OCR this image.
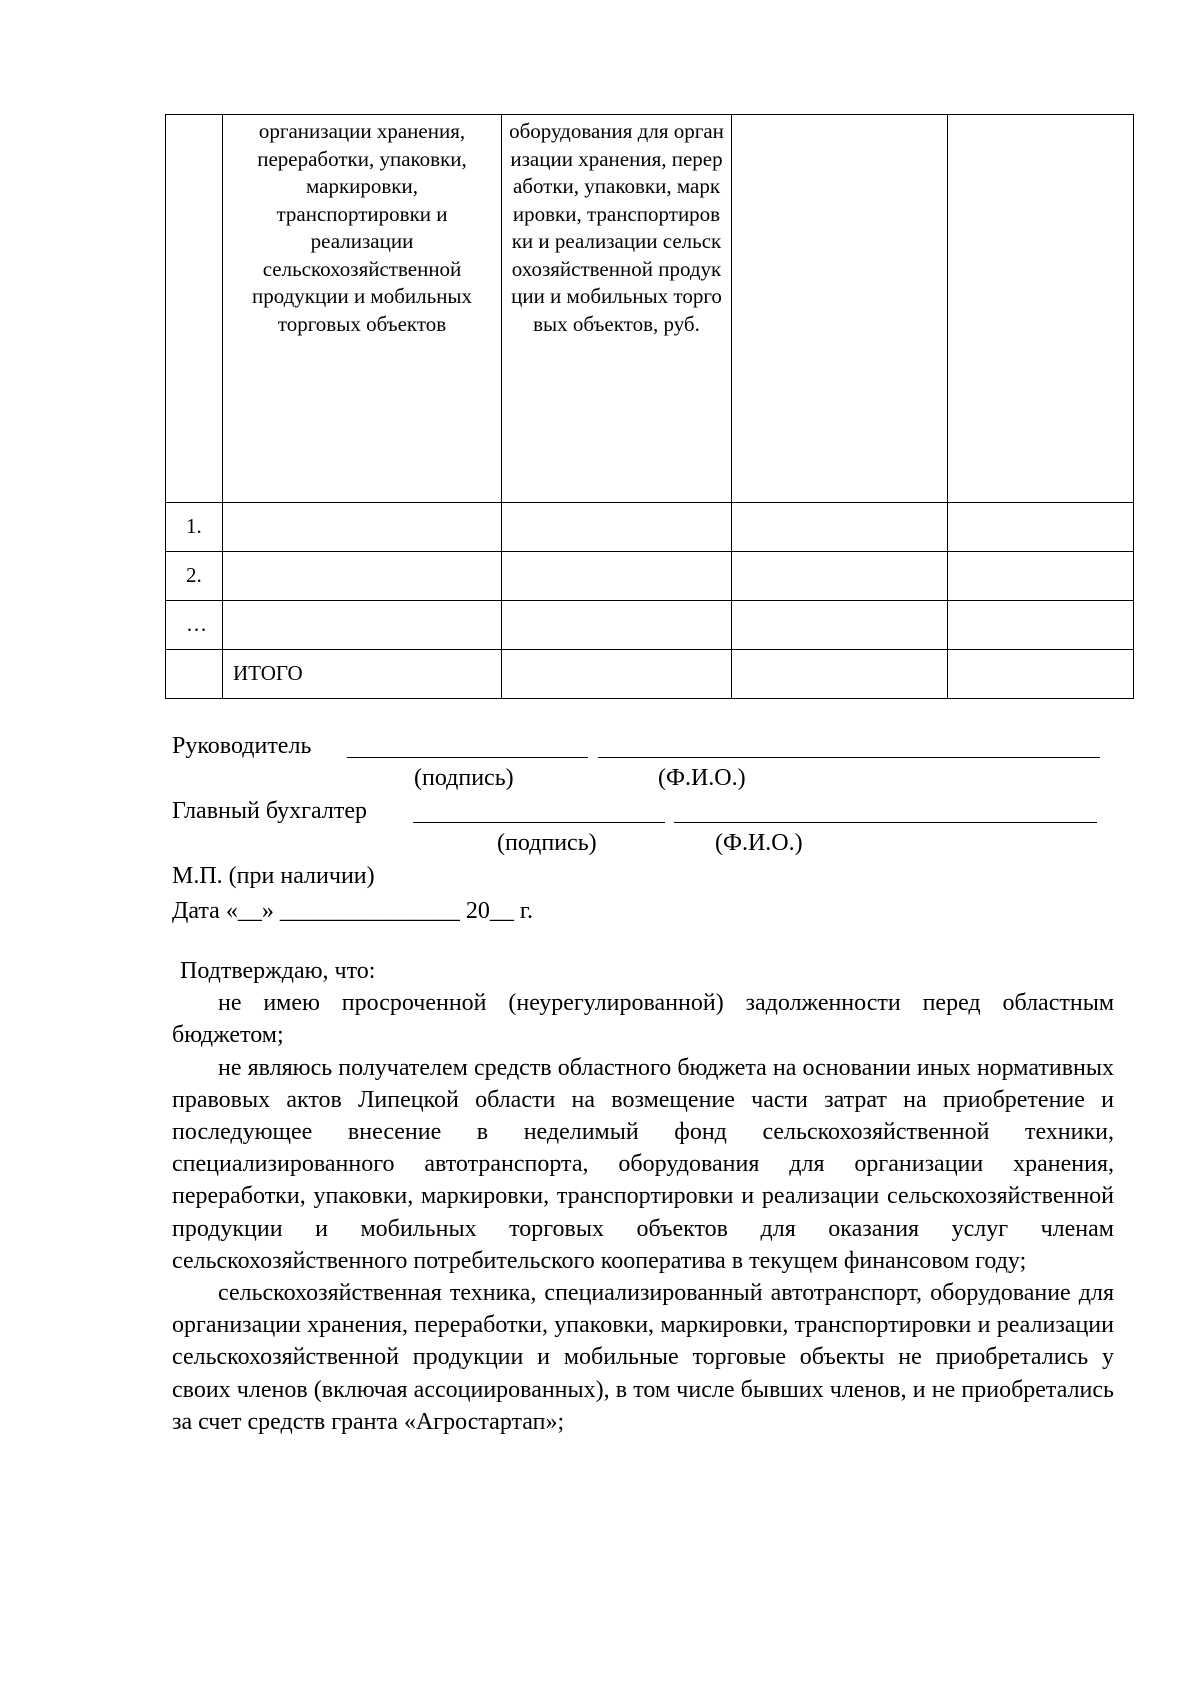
	организации хранения, переработки, упаковки, маркировки, транспортировки и реализации сельскохозяйственной продукции и мобильных торговых объектов	оборудования для организации хранения, переработки, упаковки, маркировки, транспортировки и реализации сельскохозяйственной продукции и мобильных торговых объектов, руб.		

1.				
2.				
…				
	ИТОГО			
Руководитель
(подпись)	(Ф.И.О.)
Главный бухгалтер
(подпись)	(Ф.И.О.)
М.П. (при наличии)
Дата «__» _______________ 20__ г.

Подтверждаю, что:

не имею просроченной (неурегулированной) задолженности перед областным бюджетом;

не являюсь получателем средств областного бюджета на основании иных нормативных правовых актов Липецкой области на возмещение части затрат на приобретение и последующее внесение в неделимый фонд сельскохозяйственной техники, специализированного автотранспорта, оборудования для организации хранения, переработки, упаковки, маркировки, транспортировки и реализации сельскохозяйственной продукции и мобильных торговых объектов для оказания услуг членам сельскохозяйственного потребительского кооператива в текущем финансовом году;

сельскохозяйственная техника, специализированный автотранспорт, оборудование для организации хранения, переработки, упаковки, маркировки, транспортировки и реализации сельскохозяйственной продукции и мобильные торговые объекты не приобретались у своих членов (включая ассоциированных), в том числе бывших членов, и не приобретались за счет средств гранта «Агростартап»;
